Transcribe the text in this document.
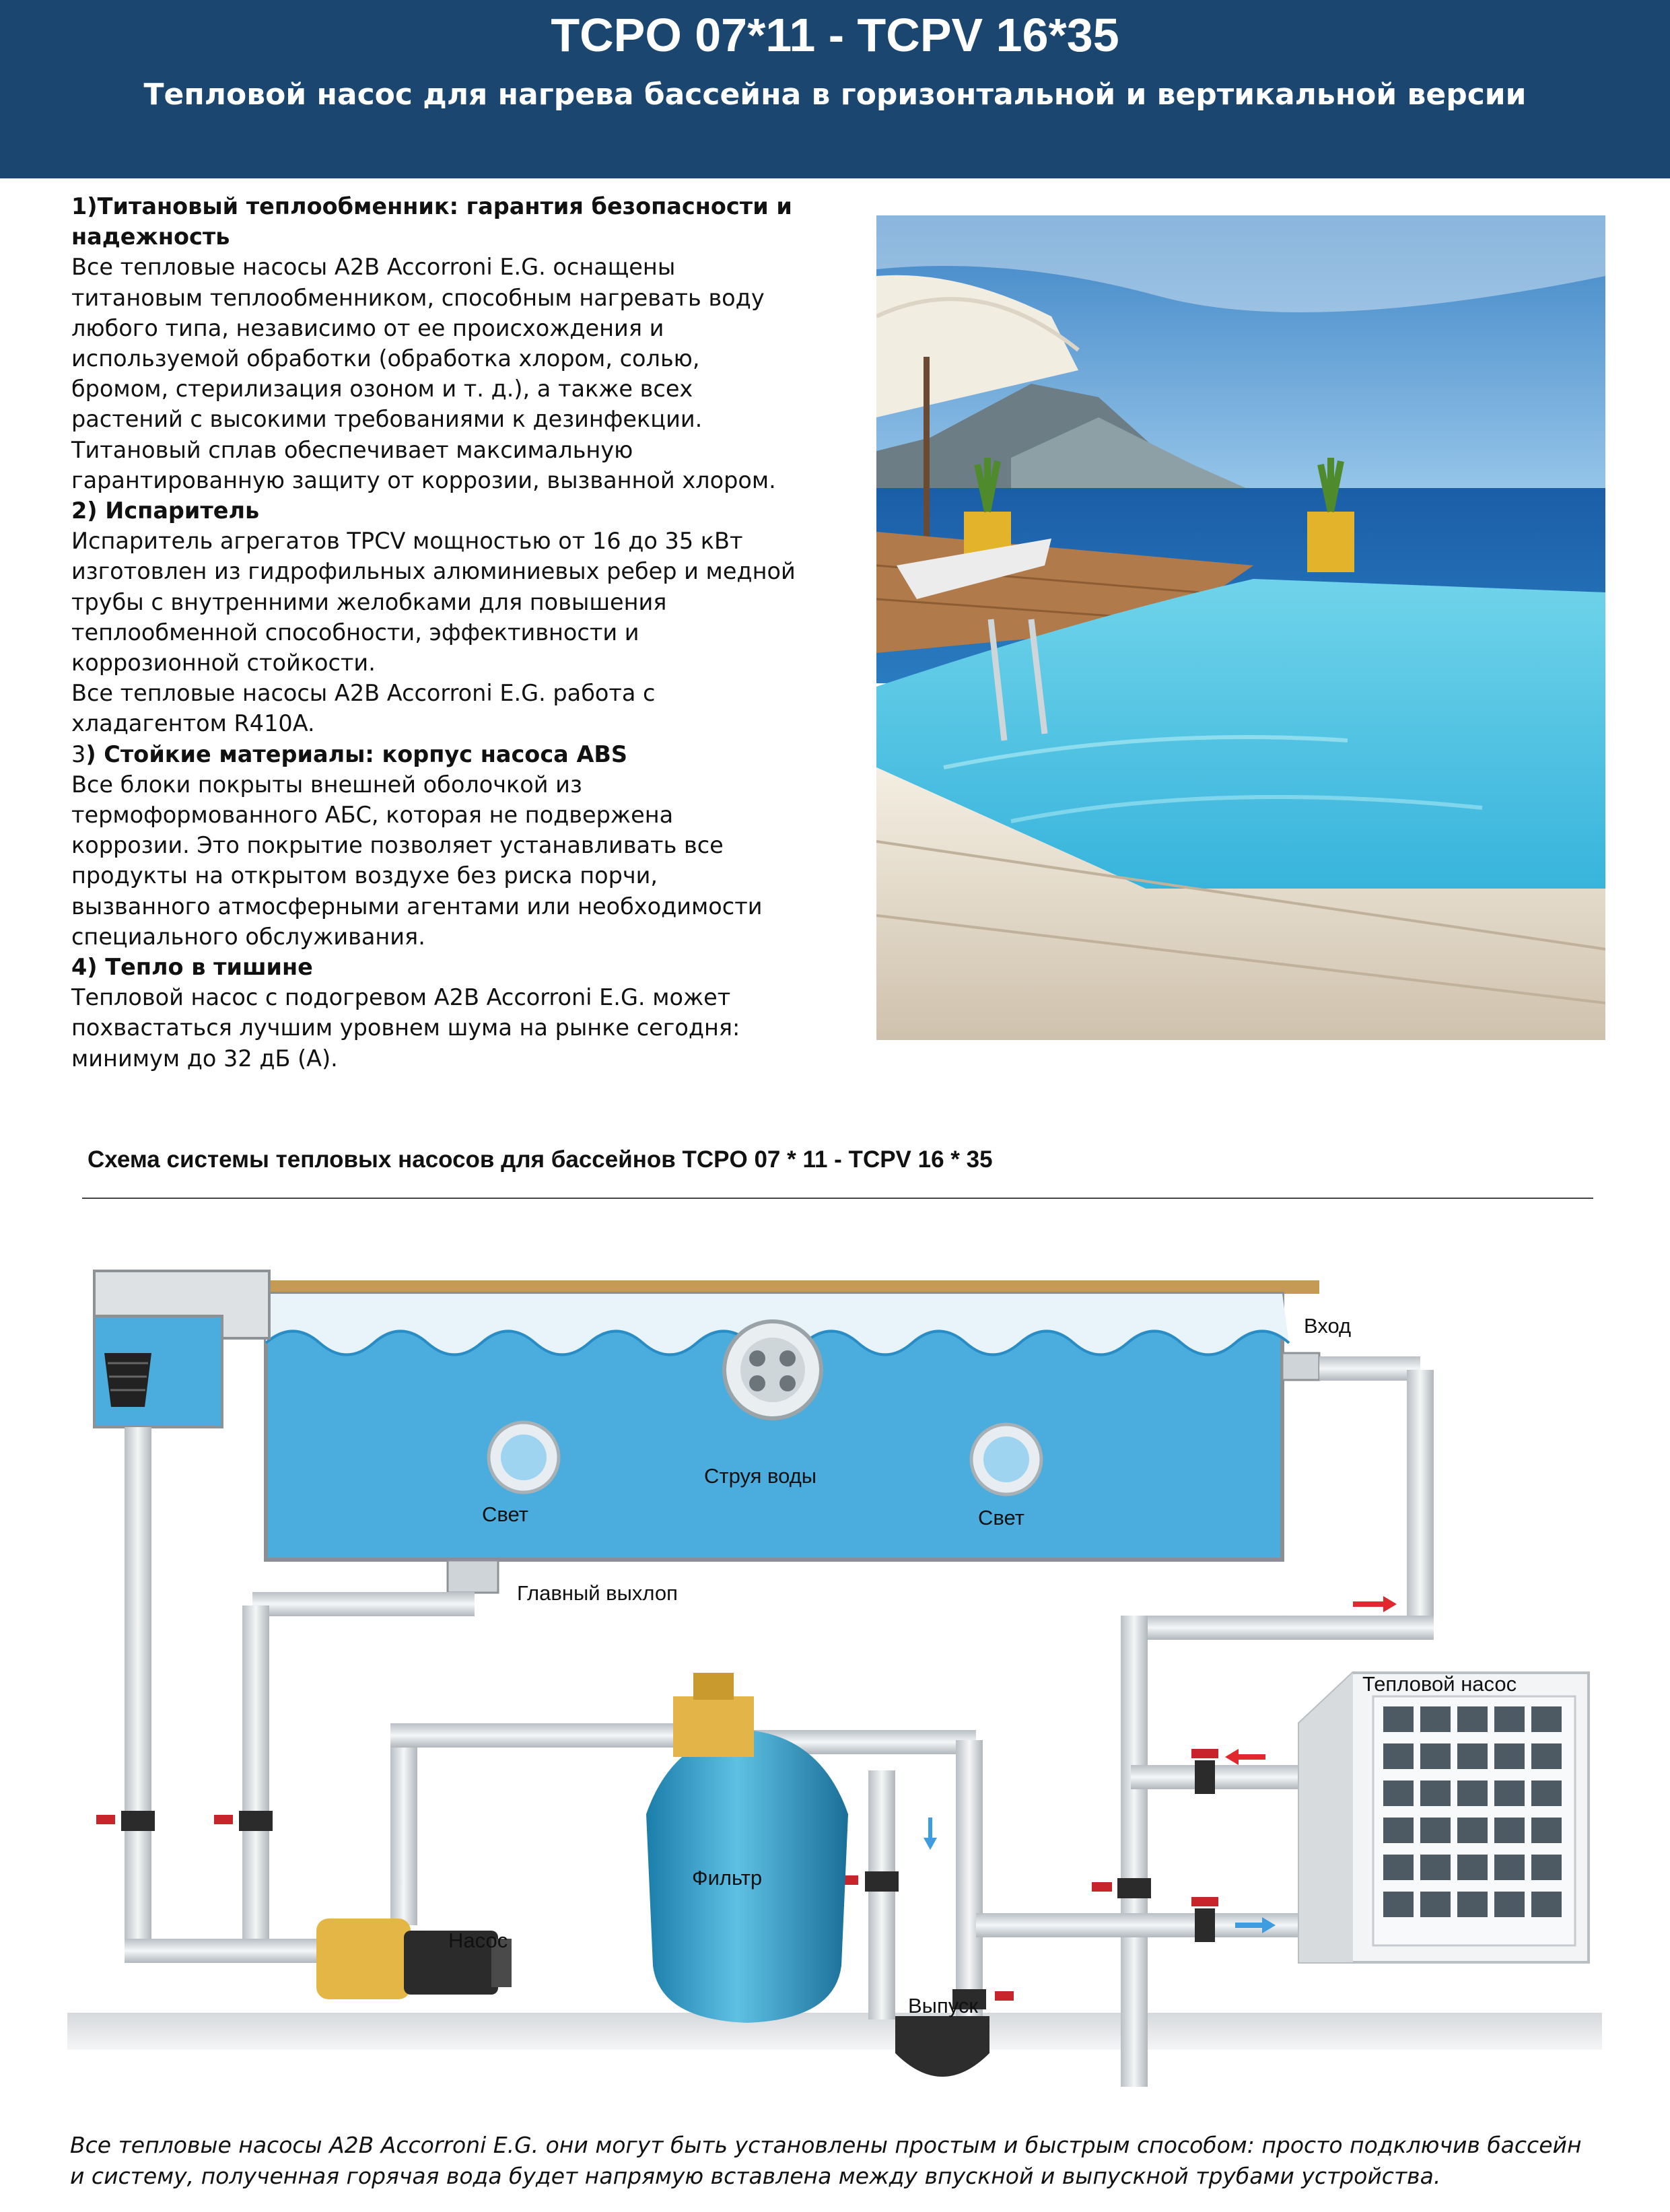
TCPO 07*11 - TCPV 16*35
Тепловой насос для нагрева бассейна в горизонтальной и вертикальной версии

1)Титановый теплообменник: гарантия безопасности и

надежность

Все тепловые насосы A2B Accorroni E.G. оснащены

титановым теплообменником, способным нагревать воду

любого типа, независимо от ее происхождения и

используемой обработки (обработка хлором, солью,

бромом, стерилизация озоном и т. д.), а также всех

растений с высокими требованиями к дезинфекции.

Титановый сплав обеспечивает максимальную

гарантированную защиту от коррозии, вызванной хлором.

2) Испаритель

Испаритель агрегатов TPCV мощностью от 16 до 35 кВт

изготовлен из гидрофильных алюминиевых ребер и медной

трубы с внутренними желобками для повышения

теплообменной способности, эффективности и

коррозионной стойкости.

Все тепловые насосы A2B Accorroni E.G. работа с

хладагентом R410A.

3) Стойкие материалы: корпус насоса ABS

Все блоки покрыты внешней оболочкой из

термоформованного АБС, которая не подвержена

коррозии. Это покрытие позволяет устанавливать все

продукты на открытом воздухе без риска порчи,

вызванного атмосферными агентами или необходимости

специального обслуживания.

4) Тепло в тишине

Тепловой насос с подогревом A2B Accorroni E.G. может

похвастаться лучшим уровнем шума на рынке сегодня:

минимум до 32 дБ (А).

Схема системы тепловых насосов для бассейнов TCPO 07 * 11 - TCPV 16 * 35

Вход
Струя воды
Свет	Свет
Главный выхлоп
Тепловой насос
Фильтр
Насос
Выпуск

Все тепловые насосы A2B Accorroni E.G. они могут быть установлены простым и быстрым способом: просто подключив бассейн
и систему, полученная горячая вода будет напрямую вставлена между впускной и выпускной трубами устройства.
